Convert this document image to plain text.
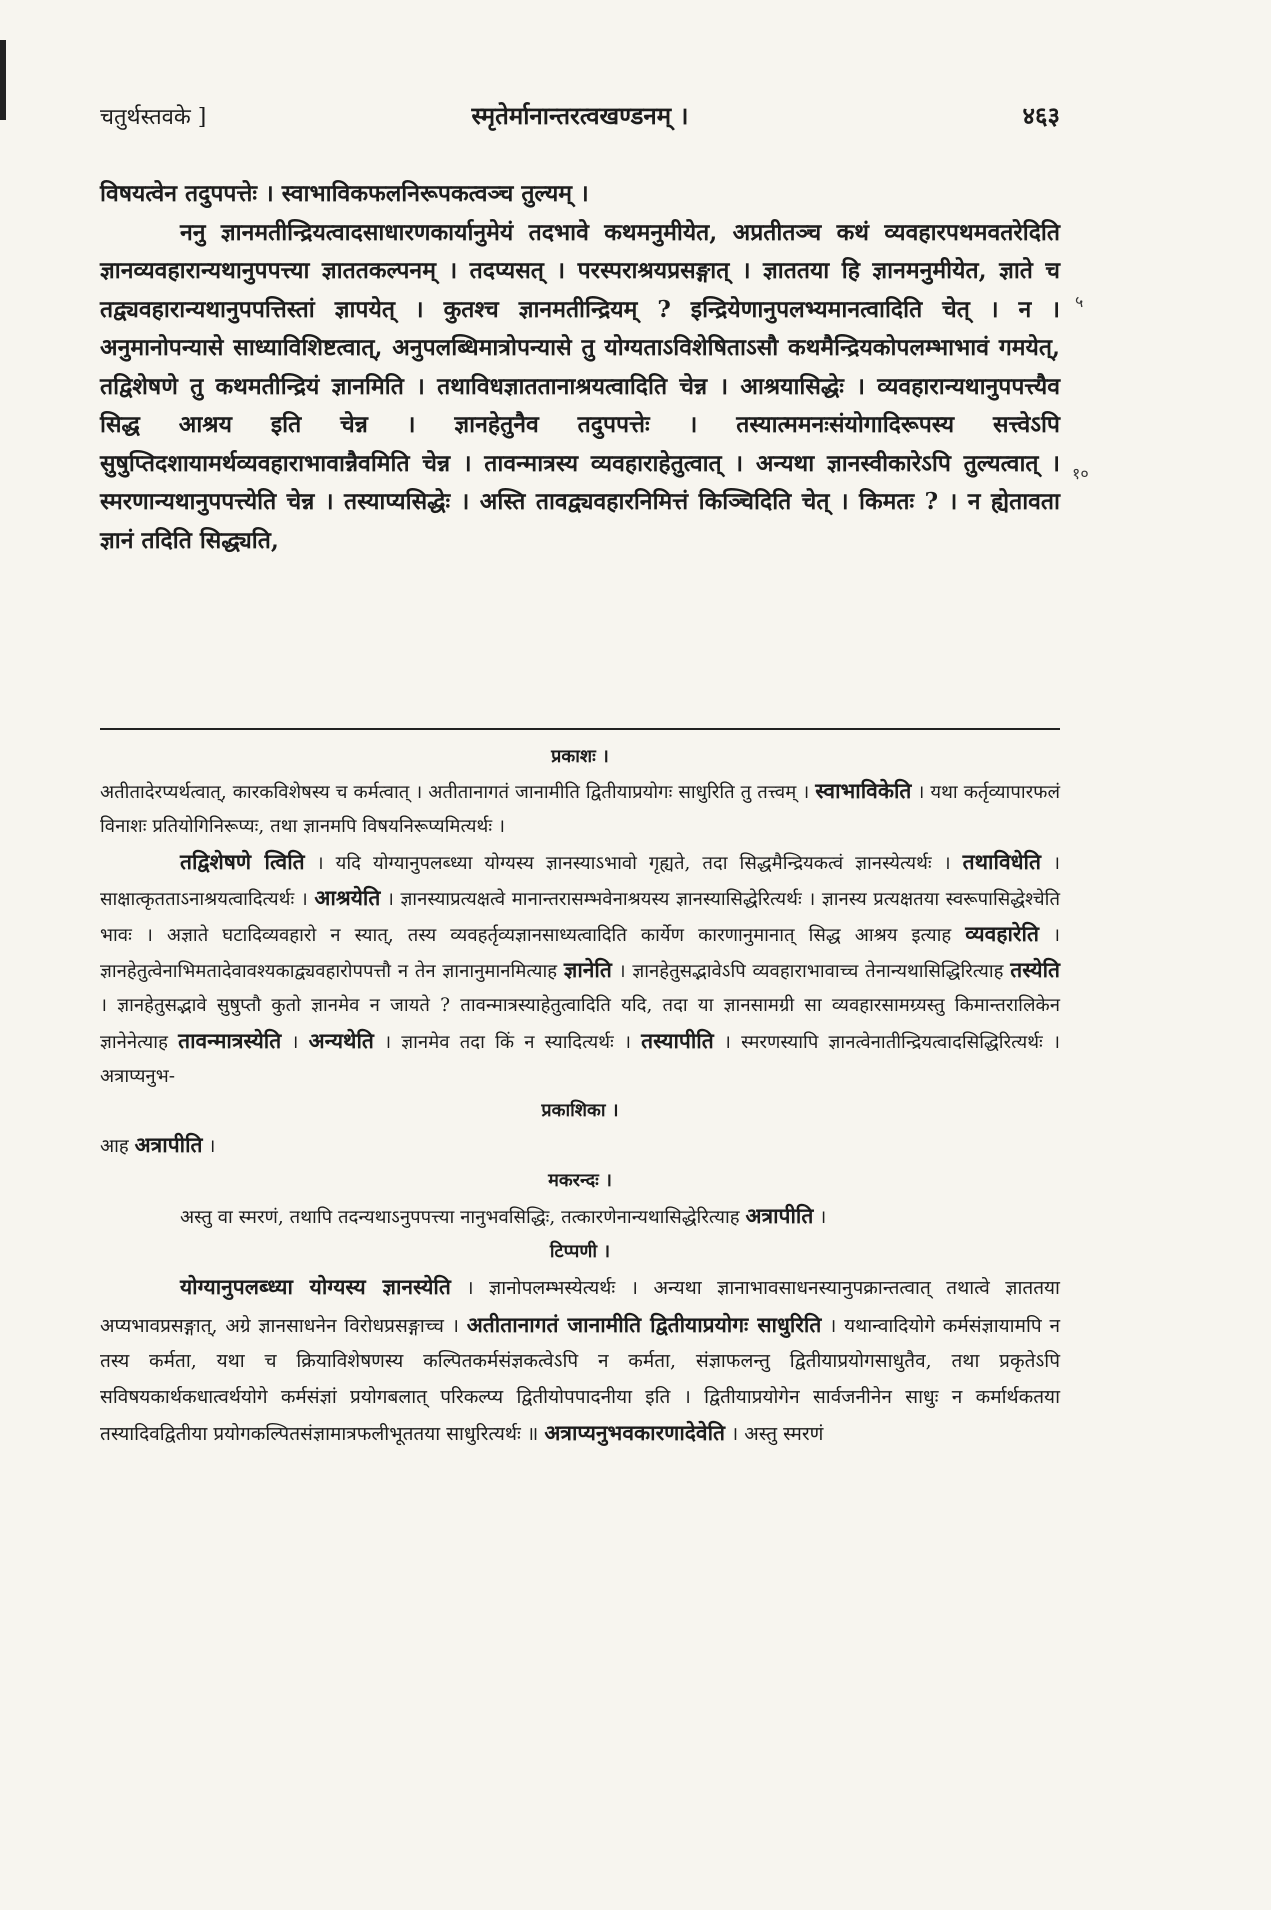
चतुर्थस्तवके ]	स्मृतेर्मानान्तरत्वखण्डनम् ।	४६३

विषयत्वेन तदुपपत्तेः । स्वाभाविकफलनिरूपकत्वञ्च तुल्यम् ।

ननु ज्ञानमतीन्द्रियत्वादसाधारणकार्यानुमेयं तदभावे कथमनुमीयेत, अप्रतीतञ्च कथं व्यवहारपथमवतरेदिति ज्ञानव्यवहारान्यथानुपपत्त्या ज्ञाततकल्पनम् । तदप्यसत् । परस्पराश्रयप्रसङ्गात् । ज्ञाततया हि ज्ञानमनुमीयेत, ज्ञाते च तद्व्यवहारान्यथानुपपत्तिस्तां ज्ञापयेत् । कुतश्च ज्ञानमतीन्द्रियम् ? इन्द्रियेणानुपलभ्यमानत्वादिति चेत् । न । अनुमानोपन्यासे साध्याविशिष्टत्वात्, अनुपलब्धिमात्रोपन्यासे तु योग्यताऽविशेषिताऽसौ कथमैन्द्रियकोपलम्भाभावं गमयेत्, तद्विशेषणे तु कथमतीन्द्रियं ज्ञानमिति । तथाविधज्ञाततानाश्रयत्वादिति चेन्न । आश्रयासिद्धेः । व्यवहारान्यथानुपपत्त्यैव सिद्ध आश्रय इति चेन्न । ज्ञानहेतुनैव तदुपपत्तेः । तस्यात्ममनःसंयोगादिरूपस्य सत्त्वेऽपि सुषुप्तिदशायामर्थव्यवहाराभावान्नैवमिति चेन्न । तावन्मात्रस्य व्यवहाराहेतुत्वात् । अन्यथा ज्ञानस्वीकारेऽपि तुल्यत्वात् । स्मरणान्यथानुपपत्त्येति चेन्न । तस्याप्यसिद्धेः । अस्ति तावद्व्यवहारनिमित्तं किञ्चिदिति चेत् । किमतः ? । न ह्येतावता ज्ञानं तदिति सिद्ध्यति,

५
१०

प्रकाशः ।

अतीतादेरप्यर्थत्वात्, कारकविशेषस्य च कर्मत्वात् । अतीतानागतं जानामीति द्वितीयाप्रयोगः साधुरिति तु तत्त्वम् । स्वाभाविकेति । यथा कर्तृव्यापारफलं विनाशः प्रतियोगिनिरूप्यः, तथा ज्ञानमपि विषयनिरूप्यमित्यर्थः ।

तद्विशेषणे त्विति । यदि योग्यानुपलब्ध्या योग्यस्य ज्ञानस्याऽभावो गृह्यते, तदा सिद्धमैन्द्रियकत्वं ज्ञानस्येत्यर्थः । तथाविधेति । साक्षात्कृतताऽनाश्रयत्वादित्यर्थः । आश्रयेति । ज्ञानस्याप्रत्यक्षत्वे मानान्तरासम्भवेनाश्रयस्य ज्ञानस्यासिद्धेरित्यर्थः । ज्ञानस्य प्रत्यक्षतया स्वरूपासिद्धेश्चेति भावः । अज्ञाते घटादिव्यवहारो न स्यात्, तस्य व्यवहर्तृव्यज्ञानसाध्यत्वादिति कार्येण कारणानुमानात् सिद्ध आश्रय इत्याह व्यवहारेति । ज्ञानहेतुत्वेनाभिमतादेवावश्यकाद्व्यवहारोपपत्तौ न तेन ज्ञानानुमानमित्याह ज्ञानेति । ज्ञानहेतुसद्भावेऽपि व्यवहाराभावाच्च तेनान्यथासिद्धिरित्याह तस्येति । ज्ञानहेतुसद्भावे सुषुप्तौ कुतो ज्ञानमेव न जायते ? तावन्मात्रस्याहेतुत्वादिति यदि, तदा या ज्ञानसामग्री सा व्यवहारसामग्र्यस्तु किमान्तरालिकेन ज्ञानेनेत्याह तावन्मात्रस्येति । अन्यथेति । ज्ञानमेव तदा किं न स्यादित्यर्थः । तस्यापीति । स्मरणस्यापि ज्ञानत्वेनातीन्द्रियत्वादसिद्धिरित्यर्थः । अत्राप्यनुभ-

प्रकाशिका ।

आह अत्रापीति ।

मकरन्दः ।

अस्तु वा स्मरणं, तथापि तदन्यथाऽनुपपत्त्या नानुभवसिद्धिः, तत्कारणेनान्यथासिद्धेरित्याह अत्रापीति ।

टिप्पणी ।

योग्यानुपलब्ध्या योग्यस्य ज्ञानस्येति । ज्ञानोपलम्भस्येत्यर्थः । अन्यथा ज्ञानाभावसाधनस्यानुपक्रान्तत्वात् तथात्वे ज्ञाततया अप्यभावप्रसङ्गात्, अग्रे ज्ञानसाधनेन विरोधप्रसङ्गाच्च । अतीतानागतं जानामीति द्वितीयाप्रयोगः साधुरिति । यथान्वादियोगे कर्मसंज्ञायामपि न तस्य कर्मता, यथा च क्रियाविशेषणस्य कल्पितकर्मसंज्ञकत्वेऽपि न कर्मता, संज्ञाफलन्तु द्वितीयाप्रयोगसाधुतैव, तथा प्रकृतेऽपि सविषयकार्थकधात्वर्थयोगे कर्मसंज्ञां प्रयोगबलात् परिकल्प्य द्वितीयोपपादनीया इति । द्वितीयाप्रयोगेन सार्वजनीनेन साधुः न कर्मार्थकतया तस्यादिवद्वितीया प्रयोगकल्पितसंज्ञामात्रफलीभूततया साधुरित्यर्थः ॥ अत्राप्यनुभवकारणादेवेति । अस्तु स्मरणं
